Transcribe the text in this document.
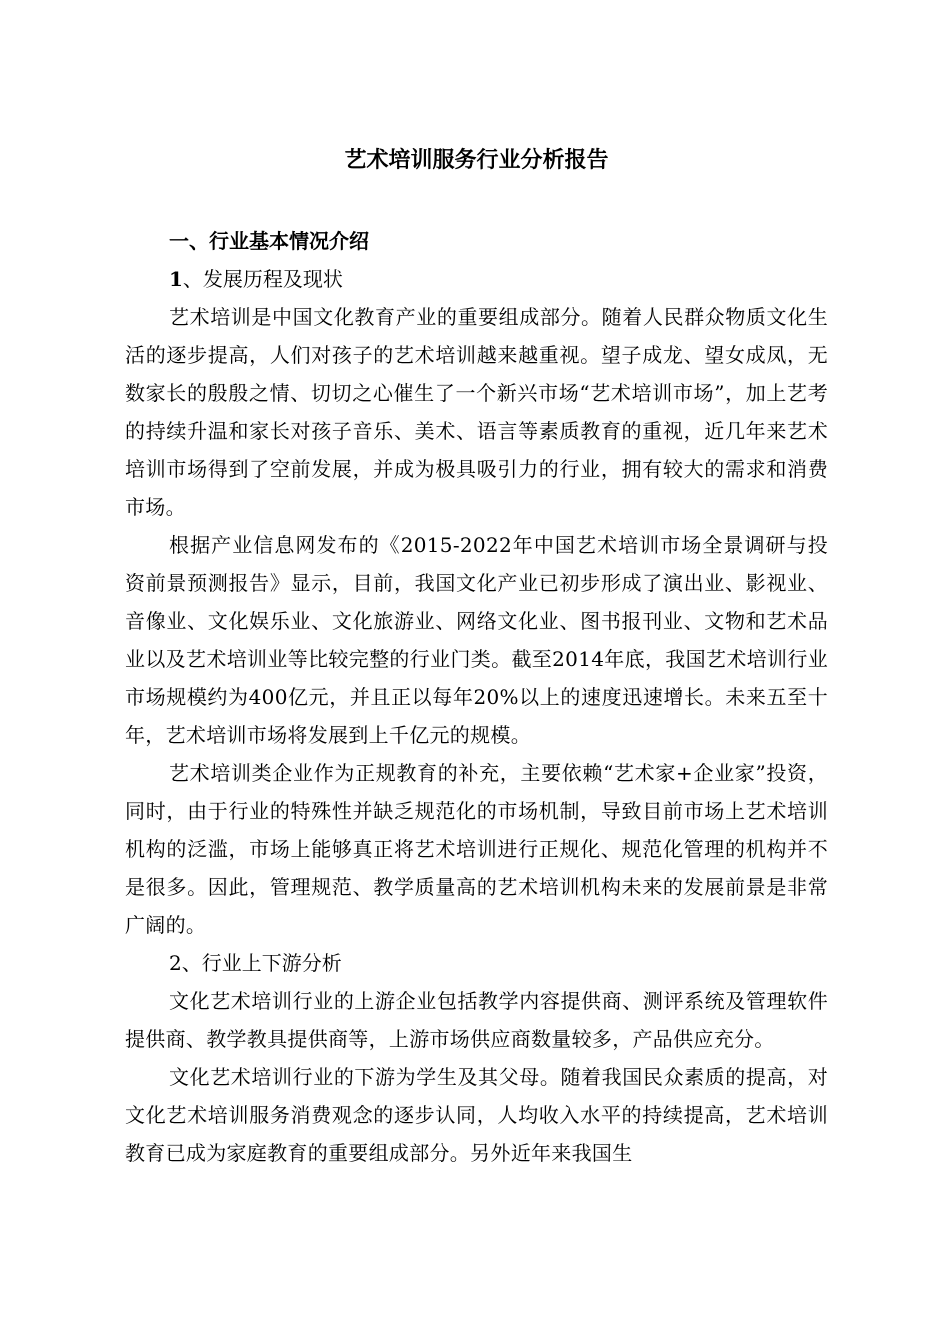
艺术培训服务行业分析报告

一、行业基本情况介绍

1、发展历程及现状

艺术培训是中国文化教育产业的重要组成部分。随着人民群众物质文化生活的逐步提高，人们对孩子的艺术培训越来越重视。望子成龙、望女成凤，无数家长的殷殷之情、切切之心催生了一个新兴市场“艺术培训市场”，加上艺考的持续升温和家长对孩子音乐、美术、语言等素质教育的重视，近几年来艺术培训市场得到了空前发展，并成为极具吸引力的行业，拥有较大的需求和消费市场。

根据产业信息网发布的《2015-2022年中国艺术培训市场全景调研与投资前景预测报告》显示，目前，我国文化产业已初步形成了演出业、影视业、音像业、文化娱乐业、文化旅游业、网络文化业、图书报刊业、文物和艺术品业以及艺术培训业等比较完整的行业门类。截至2014年底，我国艺术培训行业市场规模约为400亿元，并且正以每年20%以上的速度迅速增长。未来五至十年，艺术培训市场将发展到上千亿元的规模。

艺术培训类企业作为正规教育的补充，主要依赖“艺术家+企业家”投资，同时，由于行业的特殊性并缺乏规范化的市场机制，导致目前市场上艺术培训机构的泛滥，市场上能够真正将艺术培训进行正规化、规范化管理的机构并不是很多。因此，管理规范、教学质量高的艺术培训机构未来的发展前景是非常广阔的。

2、行业上下游分析

文化艺术培训行业的上游企业包括教学内容提供商、测评系统及管理软件提供商、教学教具提供商等，上游市场供应商数量较多，产品供应充分。

文化艺术培训行业的下游为学生及其父母。随着我国民众素质的提高，对文化艺术培训服务消费观念的逐步认同，人均收入水平的持续提高，艺术培训教育已成为家庭教育的重要组成部分。另外近年来我国生
